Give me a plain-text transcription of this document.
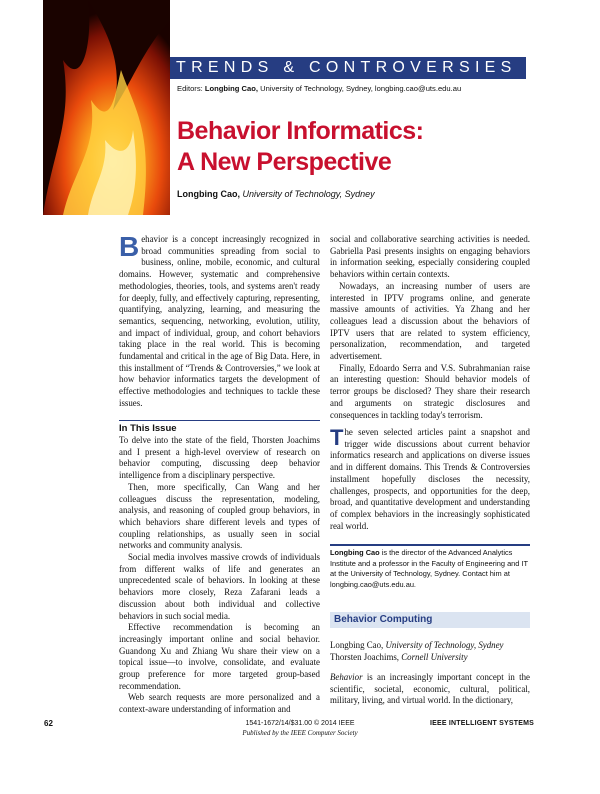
TRENDS & CONTROVERSIES
Editors: Longbing Cao, University of Technology, Sydney, longbing.cao@uts.edu.au
Behavior Informatics:
A New Perspective
Longbing Cao, University of Technology, Sydney

Behavior is a concept increasingly recognized in broad communities spreading from social to business, online, mobile, economic, and cultural domains. However, systematic and comprehensive methodologies, theories, tools, and systems aren't ready for deeply, fully, and effectively capturing, representing, quantifying, analyzing, learning, and measuring the semantics, sequencing, networking, evolution, utility, and impact of individual, group, and cohort behaviors taking place in the real world. This is becoming fundamental and critical in the age of Big Data. Here, in this installment of “Trends & Controversies,” we look at how behavior informatics targets the development of effective methodologies and techniques to tackle these issues.

social and collaborative searching activities is needed. Gabriella Pasi presents insights on engaging behaviors in information seeking, especially considering coupled behaviors within certain contexts.

Nowadays, an increasing number of users are interested in IPTV programs online, and generate massive amounts of activities. Ya Zhang and her colleagues lead a discussion about the behaviors of IPTV users that are related to system efficiency, personalization, recommendation, and targeted advertisement.

Finally, Edoardo Serra and V.S. Subrahmanian raise an interesting question: Should behavior models of terror groups be disclosed? They share their research and arguments on strategic disclosures and consequences in tackling today's terrorism.

In This Issue

To delve into the state of the field, Thorsten Joachims and I present a high-level overview of research on behavior computing, discussing deep behavior intelligence from a disciplinary perspective.

Then, more specifically, Can Wang and her colleagues discuss the representation, modeling, analysis, and reasoning of coupled group behaviors, in which behaviors share different levels and types of coupling relationships, as usually seen in social networks and community analysis.

Social media involves massive crowds of individuals from different walks of life and generates an unprecedented scale of behaviors. In looking at these behaviors more closely, Reza Zafarani leads a discussion about both individual and collective behaviors in such social media.

Effective recommendation is becoming an increasingly important online and social behavior. Guandong Xu and Zhiang Wu share their view on a topical issue—to involve, consolidate, and evaluate group preference for more targeted group-based recommendation.

Web search requests are more personalized and a context-aware understanding of information and

The seven selected articles paint a snapshot and trigger wide discussions about current behavior informatics research and applications on diverse issues and in different domains. This Trends & Controversies installment hopefully discloses the necessity, challenges, prospects, and opportunities for the deep, broad, and quantitative development and understanding of complex behaviors in the increasingly sophisticated real world.

Longbing Cao is the director of the Advanced Analytics Institute and a professor in the Faculty of Engineering and IT at the University of Technology, Sydney. Contact him at longbing.cao@uts.edu.au.
Behavior Computing
Longbing Cao, University of Technology, Sydney
Thorsten Joachims, Cornell University

Behavior is an increasingly important concept in the scientific, societal, economic, cultural, political, military, living, and virtual world. In the dictionary,

62	1541-1672/14/$31.00 © 2014 IEEE
Published by the IEEE Computer Society
IEEE INTELLIGENT SYSTEMS
